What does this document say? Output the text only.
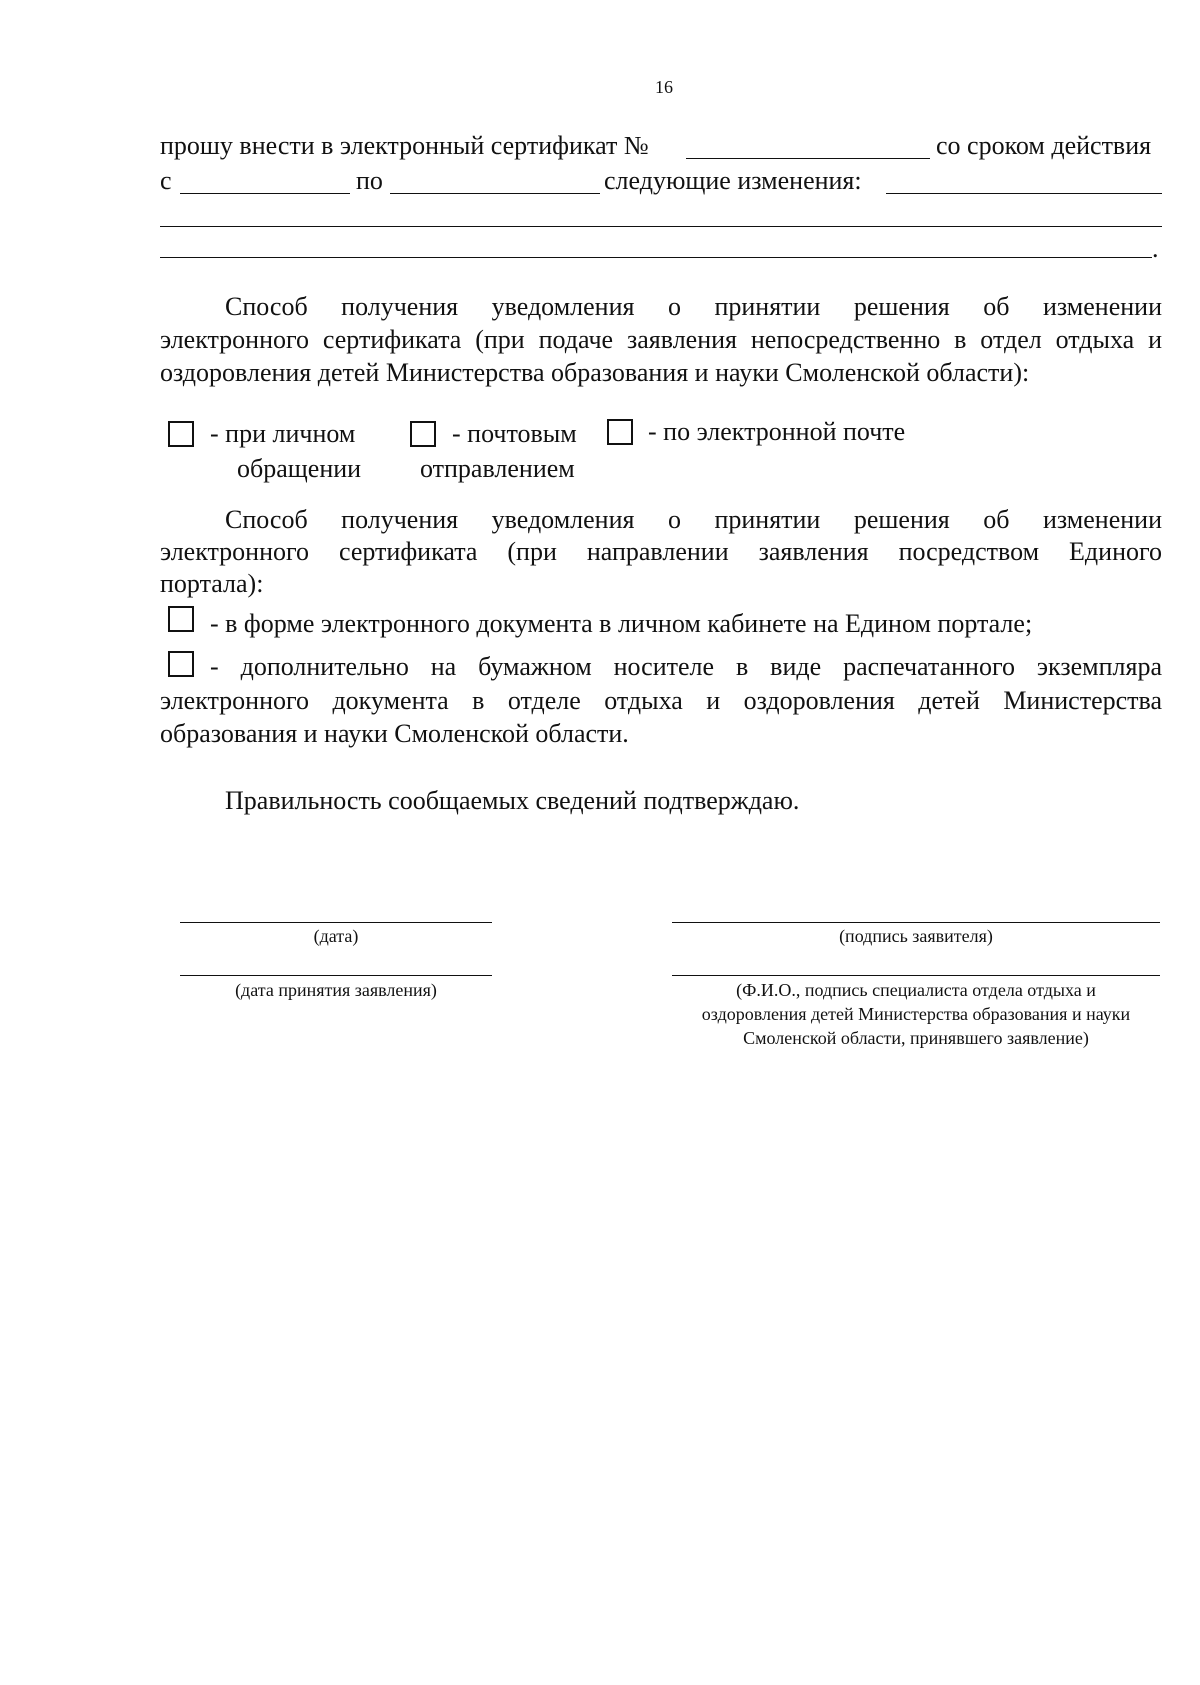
16
прошу внести в электронный сертификат №	со сроком действия
с	по	следующие изменения:
.
Способ получения уведомления о принятии решения об изменении
электронного сертификата (при подаче заявления непосредственно в отдел отдыха и
оздоровления детей Министерства образования и науки Смоленской области):
- при личном
обращении
- почтовым
отправлением
- по электронной почте
Способ получения уведомления о принятии решения об изменении
электронного сертификата (при направлении заявления посредством Единого
портала):
- в форме электронного документа в личном кабинете на Едином портале;
- дополнительно на бумажном носителе в виде распечатанного экземпляра
электронного документа в отделе отдыха и оздоровления детей Министерства
образования и науки Смоленской области.
Правильность сообщаемых сведений подтверждаю.
(дата)	(подпись заявителя)
(дата принятия заявления)	(Ф.И.О., подпись специалиста отдела отдыха и
оздоровления детей Министерства образования и науки
Смоленской области, принявшего заявление)
